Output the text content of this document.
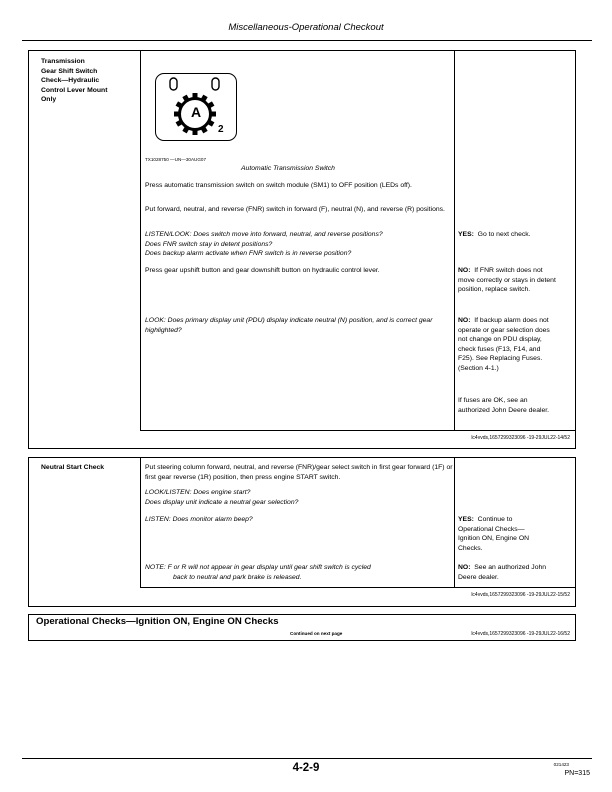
Miscellaneous-Operational Checkout
Transmission
Gear Shift Switch
Check—Hydraulic
Control Lever Mount
Only
A
2
TX1028750 —UN—30AUG07
Automatic Transmission Switch
Press automatic transmission switch on switch module (SM1) to OFF position (LEDs off).
Put forward, neutral, and reverse (FNR) switch in forward (F), neutral (N), and reverse (R) positions.
LISTEN/LOOK: Does switch move into forward, neutral, and reverse positions?
Does FNR switch stay in detent positions?
Does backup alarm activate when FNR switch is in reverse position?
YES: Go to next check.
Press gear upshift button and gear downshift button on hydraulic control lever.	NO: If FNR switch does not move correctly or stays in detent position, replace switch.
LOOK: Does primary display unit (PDU) display indicate neutral (N) position, and is correct gear highlighted?
NO: If backup alarm does not operate or gear selection does not change on PDU display, check fuses (F13, F14, and F25). See Replacing Fuses. (Section 4-1.)
If fuses are OK, see an authorized John Deere dealer.
lc4vvds,1657299323096 -19-29JUL22-14/52
Neutral Start Check	Put steering column forward, neutral, and reverse (FNR)/gear select switch in first gear forward (1F) or first gear reverse (1R) position, then press engine START switch.
LOOK/LISTEN: Does engine start?
Does display unit indicate a neutral gear selection?
LISTEN: Does monitor alarm beep?	YES: Continue to Operational Checks—Ignition ON, Engine ON Checks.
NOTE: F or R will not appear in gear display until gear shift switch is cycled
back to neutral and park brake is released.
NO: See an authorized John Deere dealer.
lc4vvds,1657299323096 -19-29JUL22-15/52
Operational Checks—Ignition ON, Engine ON Checks
Continued on next page	lc4vvds,1657299323096 -19-29JUL22-16/52
4-2-9	021423
PN=315
